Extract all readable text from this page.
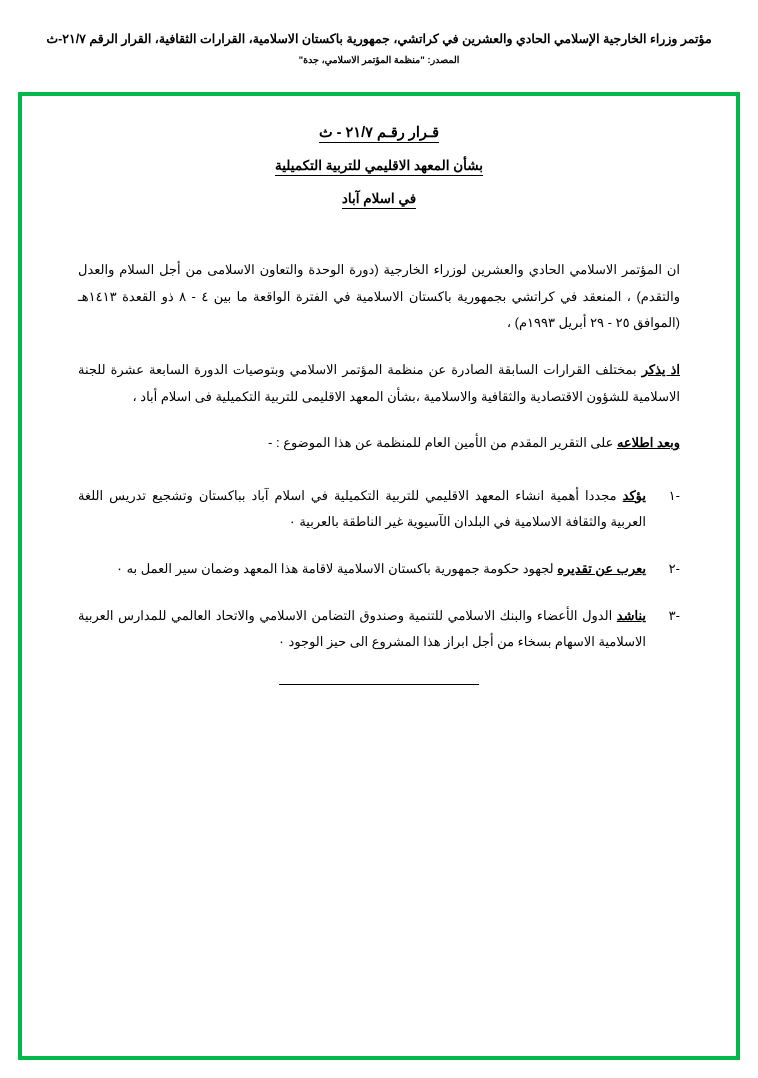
مؤتمر وزراء الخارجية الإسلامي الحادي والعشرين في كراتشي، جمهورية باكستان الاسلامية، القرارات الثقافية، القرار الرقم ٢١/٧-ث
المصدر: "منظمة المؤتمر الاسلامي، جدة"
قـرار رقـم ٢١/٧ - ث
بشأن المعهد الاقليمي للتربية التكميلية
في اسلام آباد

ان المؤتمر الاسلامي الحادي والعشرين لوزراء الخارجية (دورة الوحدة والتعاون الاسلامى من أجل السلام والعدل والتقدم) ، المنعقد في كراتشي بجمهورية باكستان الاسلامية في الفترة الواقعة ما بين ٤ - ٨ ذو القعدة ١٤١٣هـ (الموافق ٢٥ - ٢٩ أبريل ١٩٩٣م) ،

اذ يذكر بمختلف القرارات السابقة الصادرة عن منظمة المؤتمر الاسلامي وبتوصيات الدورة السابعة عشرة للجنة الاسلامية للشؤون الاقتصادية والثقافية والاسلامية ،بشأن المعهد الاقليمى للتربية التكميلية فى اسلام أباد ،

وبعد اطلاعه على التقرير المقدم من الأمين العام للمنظمة عن هذا الموضوع : -

-١
يؤكد مجددا أهمية انشاء المعهد الاقليمي للتربية التكميلية في اسلام آباد بباكستان وتشجيع تدريس اللغة العربية والثقافة الاسلامية في البلدان الآسيوية غير الناطقة بالعربية ٠
-٢
يعرب عن تقديره لجهود حكومة جمهورية باكستان الاسلامية لاقامة هذا المعهد وضمان سير العمل به ٠
-٣
يناشد الدول الأعضاء والبنك الاسلامي للتنمية وصندوق التضامن الاسلامي والاتحاد العالمي للمدارس العربية الاسلامية الاسهام بسخاء من أجل ابراز هذا المشروع الى حيز الوجود ٠
